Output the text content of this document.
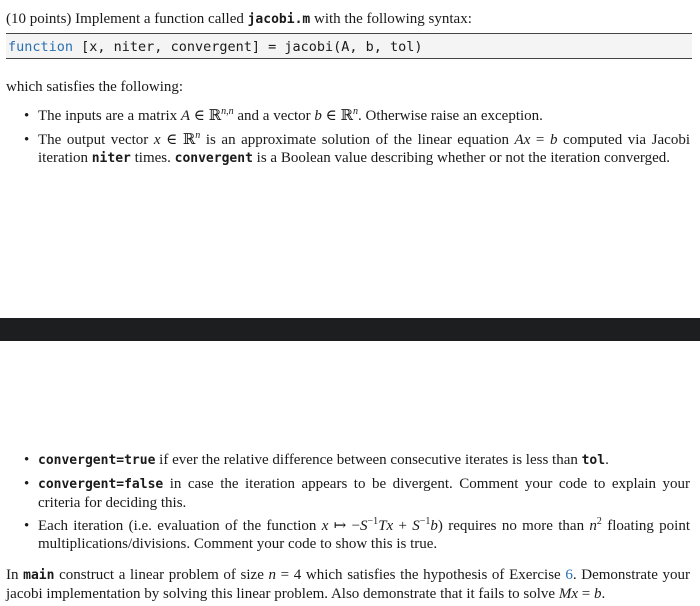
(10 points) Implement a function called jacobi.m with the following syntax:
function [x, niter, convergent] = jacobi(A, b, tol)
which satisfies the following:
• The inputs are a matrix A ∈ ℝ$^{n,n}$ and a vector b ∈ ℝ$^n$. Otherwise raise an exception.
• The output vector x ∈ ℝ$^n$ is an approximate solution of the linear equation Ax = b computed via Jacobi iteration niter times. convergent is a Boolean value describing whether or not the iteration converged.
• convergent=true if ever the relative difference between consecutive iterates is less than tol.
• convergent=false in case the iteration appears to be divergent. Comment your code to explain your criteria for deciding this.
• Each iteration (i.e. evaluation of the function x ↦ $-S^{-1}Tx + S^{-1}b$) requires no more than $n^2$ floating point multiplications/divisions. Comment your code to show this is true.
In main construct a linear problem of size n = 4 which satisfies the hypothesis of Exercise 6. Demonstrate your jacobi implementation by solving this linear problem. Also demonstrate that it fails to solve Mx = b.
